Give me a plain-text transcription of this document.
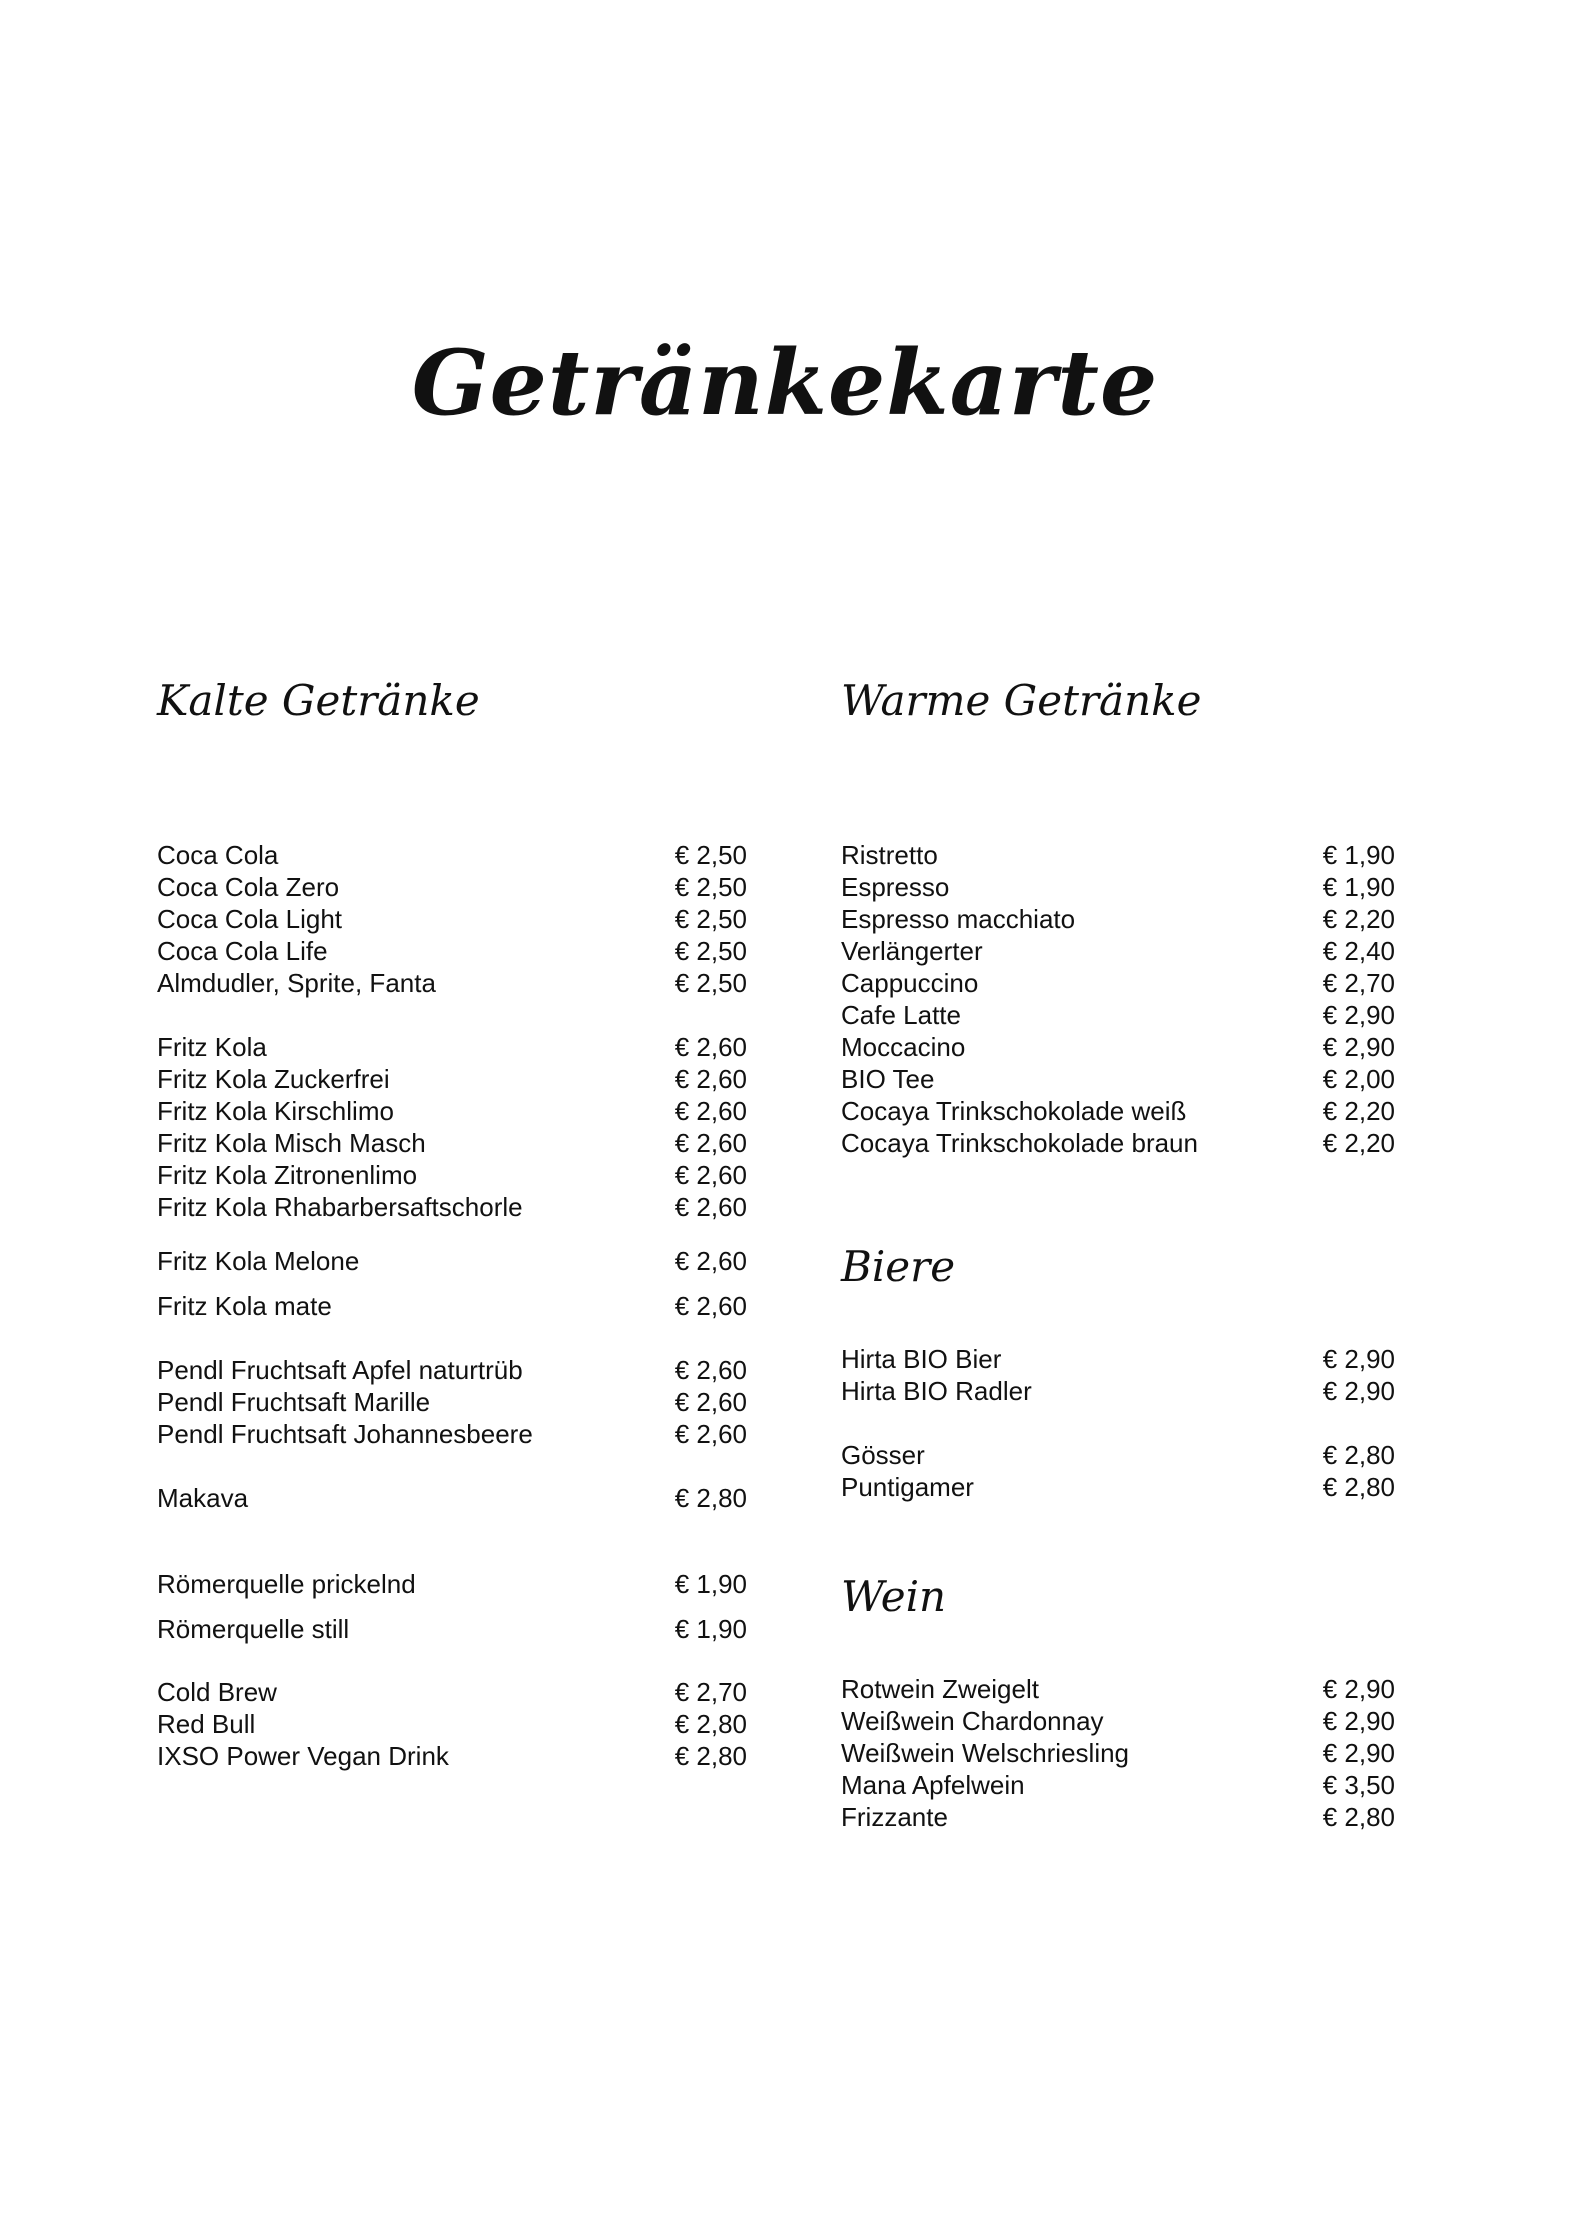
Getränkekarte
Kalte Getränke
Coca Cola	€ 2,50
Coca Cola Zero	€ 2,50
Coca Cola Light	€ 2,50
Coca Cola Life	€ 2,50
Almdudler, Sprite, Fanta	€ 2,50
Fritz Kola	€ 2,60
Fritz Kola Zuckerfrei	€ 2,60
Fritz Kola Kirschlimo	€ 2,60
Fritz Kola Misch Masch	€ 2,60
Fritz Kola Zitronenlimo	€ 2,60
Fritz Kola Rhabarbersaftschorle	€ 2,60
Fritz Kola Melone	€ 2,60
Fritz Kola mate	€ 2,60
Pendl Fruchtsaft Apfel naturtrüb	€ 2,60
Pendl Fruchtsaft Marille	€ 2,60
Pendl Fruchtsaft Johannesbeere	€ 2,60
Makava	€ 2,80
Römerquelle prickelnd	€ 1,90
Römerquelle still	€ 1,90
Cold Brew	€ 2,70
Red Bull	€ 2,80
IXSO Power Vegan Drink	€ 2,80
Warme Getränke
Ristretto	€ 1,90
Espresso	€ 1,90
Espresso macchiato	€ 2,20
Verlängerter	€ 2,40
Cappuccino	€ 2,70
Cafe Latte	€ 2,90
Moccacino	€ 2,90
BIO Tee	€ 2,00
Cocaya Trinkschokolade weiß	€ 2,20
Cocaya Trinkschokolade braun	€ 2,20
Biere
Hirta BIO Bier	€ 2,90
Hirta BIO Radler	€ 2,90
Gösser	€ 2,80
Puntigamer	€ 2,80
Wein
Rotwein Zweigelt	€ 2,90
Weißwein Chardonnay	€ 2,90
Weißwein Welschriesling	€ 2,90
Mana Apfelwein	€ 3,50
Frizzante	€ 2,80
